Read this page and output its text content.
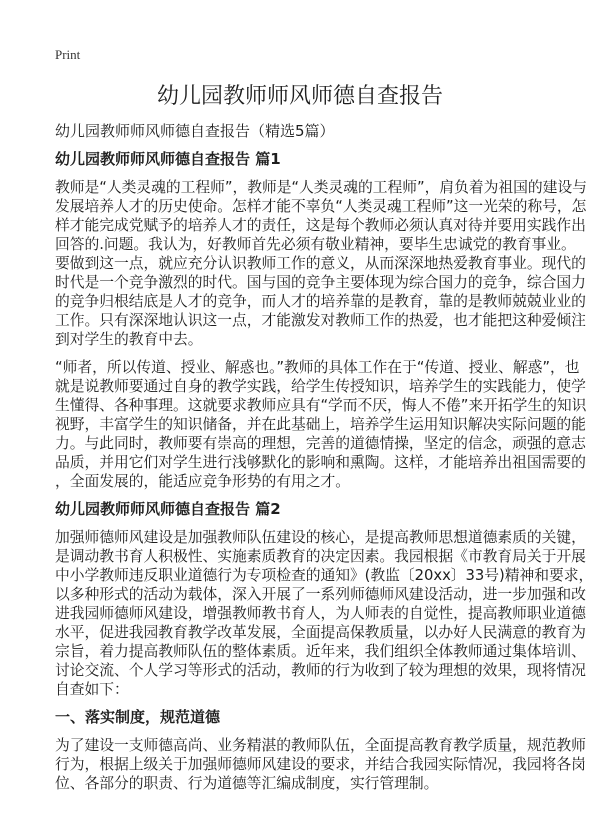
Print
幼儿园教师师风师德自查报告
幼儿园教师师风师德自查报告（精选5篇）
幼儿园教师师风师德自查报告 篇1
教师是“人类灵魂的工程师”，教师是“人类灵魂的工程师”，肩负着为祖国的建设与
发展培养人才的历史使命。怎样才能不辜负“人类灵魂工程师”这一光荣的称号，怎
样才能完成党赋予的培养人才的责任，这是每个教师必须认真对待并要用实践作出
回答的.问题。我认为，好教师首先必须有敬业精神，要毕生忠诚党的教育事业。
要做到这一点，就应充分认识教师工作的意义，从而深深地热爱教育事业。现代的
时代是一个竞争激烈的时代。国与国的竞争主要体现为综合国力的竞争，综合国力
的竞争归根结底是人才的竞争，而人才的培养靠的是教育，靠的是教师兢兢业业的
工作。只有深深地认识这一点，才能激发对教师工作的热爱，也才能把这种爱倾注
到对学生的教育中去。
“师者，所以传道、授业、解惑也。”教师的具体工作在于“传道、授业、解惑”，也
就是说教师要通过自身的教学实践，给学生传授知识，培养学生的实践能力，使学
生懂得、各种事理。这就要求教师应具有“学而不厌，悔人不倦”来开拓学生的知识
视野，丰富学生的知识储备，并在此基础上，培养学生运用知识解决实际问题的能
力。与此同时，教师要有崇高的理想，完善的道德情操，坚定的信念，顽强的意志
品质，并用它们对学生进行浅够默化的影响和熏陶。这样，才能培养出祖国需要的
，全面发展的，能适应竞争形势的有用之才。
幼儿园教师师风师德自查报告 篇2
加强师德师风建设是加强教师队伍建设的核心，是提高教师思想道德素质的关键，
是调动教书育人积极性、实施素质教育的决定因素。我园根据《市教育局关于开展
中小学教师违反职业道德行为专项检查的通知》(教监〔20xx〕33号)精神和要求，
以多种形式的活动为载体，深入开展了一系列师德师风建设活动，进一步加强和改
进我园师德师风建设，增强教师教书育人，为人师表的自觉性，提高教师职业道德
水平，促进我园教育教学改革发展，全面提高保教质量，以办好人民满意的教育为
宗旨，着力提高教师队伍的整体素质。近年来，我们组织全体教师通过集体培训、
讨论交流、个人学习等形式的活动，教师的行为收到了较为理想的效果，现将情况
自查如下：
一、落实制度，规范道德
为了建设一支师德高尚、业务精湛的教师队伍，全面提高教育教学质量，规范教师
行为，根据上级关于加强师德师风建设的要求，并结合我园实际情况，我园将各岗
位、各部分的职责、行为道德等汇编成制度，实行管理制。
